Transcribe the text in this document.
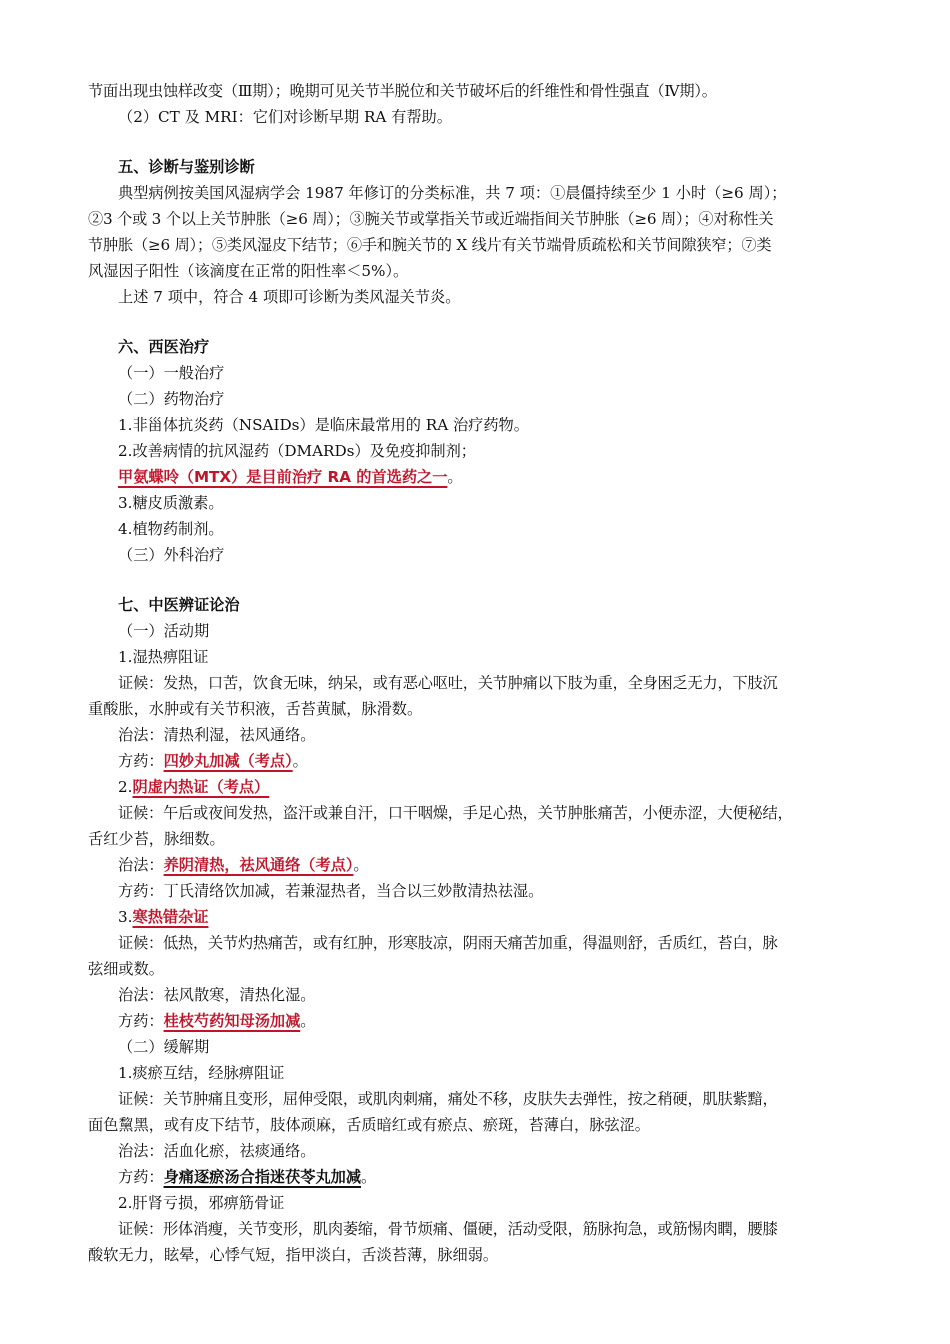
节面出现虫蚀样改变（Ⅲ期）；晚期可见关节半脱位和关节破坏后的纤维性和骨性强直（Ⅳ期）。
（2）CT 及 MRI：它们对诊断早期 RA 有帮助。
五、诊断与鉴别诊断
典型病例按美国风湿病学会 1987 年修订的分类标准，共 7 项：①晨僵持续至少 1 小时（≥6 周）；
②3 个或 3 个以上关节肿胀（≥6 周）；③腕关节或掌指关节或近端指间关节肿胀（≥6 周）；④对称性关
节肿胀（≥6 周）；⑤类风湿皮下结节；⑥手和腕关节的 X 线片有关节端骨质疏松和关节间隙狭窄；⑦类
风湿因子阳性（该滴度在正常的阳性率＜5%）。
上述 7 项中，符合 4 项即可诊断为类风湿关节炎。
六、西医治疗
（一）一般治疗
（二）药物治疗
1.非甾体抗炎药（NSAIDs）是临床最常用的 RA 治疗药物。
2.改善病情的抗风湿药（DMARDs）及免疫抑制剂；
甲氨蝶呤（MTX）是目前治疗 RA 的首选药之一。
3.糖皮质激素。
4.植物药制剂。
（三）外科治疗
七、中医辨证论治
（一）活动期
1.湿热痹阻证
证候：发热，口苦，饮食无味，纳呆，或有恶心呕吐，关节肿痛以下肢为重，全身困乏无力，下肢沉
重酸胀，水肿或有关节积液，舌苔黄腻，脉滑数。
治法：清热利湿，祛风通络。
方药：四妙丸加减（考点）。
2.阴虚内热证（考点）
证候：午后或夜间发热，盗汗或兼自汗，口干咽燥，手足心热，关节肿胀痛苦，小便赤涩，大便秘结，
舌红少苔，脉细数。
治法：养阴清热，祛风通络（考点）。
方药：丁氏清络饮加减，若兼湿热者，当合以三妙散清热祛湿。
3.寒热错杂证
证候：低热，关节灼热痛苦，或有红肿，形寒肢凉，阴雨天痛苦加重，得温则舒，舌质红，苔白，脉
弦细或数。
治法：祛风散寒，清热化湿。
方药：桂枝芍药知母汤加减。
（二）缓解期
1.痰瘀互结，经脉痹阻证
证候：关节肿痛且变形，屈伸受限，或肌肉刺痛，痛处不移，皮肤失去弹性，按之稍硬，肌肤紫黯，
面色黧黑，或有皮下结节，肢体顽麻，舌质暗红或有瘀点、瘀斑，苔薄白，脉弦涩。
治法：活血化瘀，祛痰通络。
方药：身痛逐瘀汤合指迷茯苓丸加减。
2.肝肾亏损，邪痹筋骨证
证候：形体消瘦，关节变形，肌肉萎缩，骨节烦痛、僵硬，活动受限，筋脉拘急，或筋惕肉瞤，腰膝
酸软无力，眩晕，心悸气短，指甲淡白，舌淡苔薄，脉细弱。
